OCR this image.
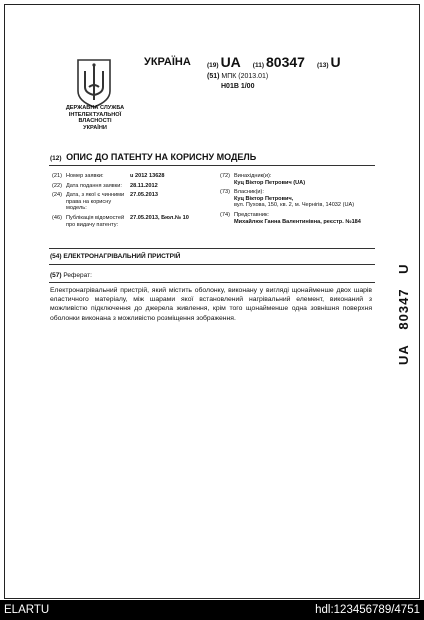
ДЕРЖАВНА СЛУЖБА
ІНТЕЛЕКТУАЛЬНОЇ
ВЛАСНОСТІ
УКРАЇНИ
УКРАЇНА (19) UA (11) 80347 (13) U
(51) МПК (2013.01)
H01B 1/00
(12) ОПИС ДО ПАТЕНТУ НА КОРИСНУ МОДЕЛЬ
(21) Номер заявки:	u 2012 13628
(22) Дата подання заявки:	28.11.2012
(24) Дата, з якої є чинними права на корисну модель:
27.05.2013
(46) Публікація відомостей про видачу патенту:
27.05.2013, Бюл.№ 10
(72) Винахідник(и):
Куц Віктор Петрович (UA)
(73) Власник(и):
Куц Віктор Петрович,
вул. Пухова, 150, кв. 2, м. Чернігів, 14032 (UA)
(74) Представник:
Михайлюк Ганна Валентинівна, реєстр. №184
(54) ЕЛЕКТРОНАГРІВАЛЬНИЙ ПРИСТРІЙ
(57) Реферат:
Електронагрівальний пристрій, який містить оболонку, виконану у вигляді щонайменше двох шарів еластичного матеріалу, між шарами якої встановлений нагрівальний елемент, виконаний з можливістю підключення до джерела живлення, крім того щонайменше одна зовнішня поверхня оболонки виконана з можливістю розміщення зображення.
UA 80347 U
ELARTU	hdl:123456789/4751
